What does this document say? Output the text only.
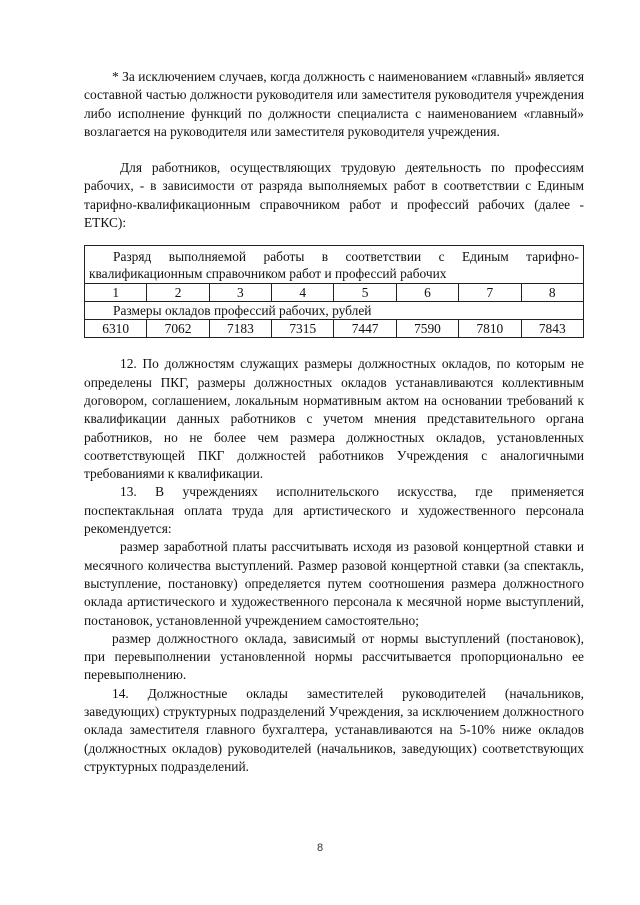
* За исключением случаев, когда должность с наименованием «главный» является составной частью должности руководителя или заместителя руководителя учреждения либо исполнение функций по должности специалиста с наименованием «главный» возлагается на руководителя или заместителя руководителя учреждения.

Для работников, осуществляющих трудовую деятельность по профессиям рабочих, - в зависимости от разряда выполняемых работ в соответствии с Единым тарифно-квалификационным справочником работ и профессий рабочих (далее - ЕТКС):

Разряд выполняемой работы в соответствии с Единым тарифно-квалификационным справочником работ и профессий рабочих							
1	2	3	4	5	6	7	8
Размеры окладов профессий рабочих, рублей							
6310	7062	7183	7315	7447	7590	7810	7843

12. По должностям служащих размеры должностных окладов, по которым не определены ПКГ, размеры должностных окладов устанавливаются коллективным договором, соглашением, локальным нормативным актом на основании требований к квалификации данных работников с учетом мнения представительного органа работников, но не более чем размера должностных окладов, установленных соответствующей ПКГ должностей работников Учреждения с аналогичными требованиями к квалификации.

13. В учреждениях исполнительского искусства, где применяется поспектакльная оплата труда для артистического и художественного персонала рекомендуется:

размер заработной платы рассчитывать исходя из разовой концертной ставки и месячного количества выступлений. Размер разовой концертной ставки (за спектакль, выступление, постановку) определяется путем соотношения размера должностного оклада артистического и художественного персонала к месячной норме выступлений, постановок, установленной учреждением самостоятельно;

размер должностного оклада, зависимый от нормы выступлений (постановок), при перевыполнении установленной нормы рассчитывается пропорционально ее перевыполнению.

14. Должностные оклады заместителей руководителей (начальников, заведующих) структурных подразделений Учреждения, за исключением должностного оклада заместителя главного бухгалтера, устанавливаются на 5-10% ниже окладов (должностных окладов) руководителей (начальников, заведующих) соответствующих структурных подразделений.

8
